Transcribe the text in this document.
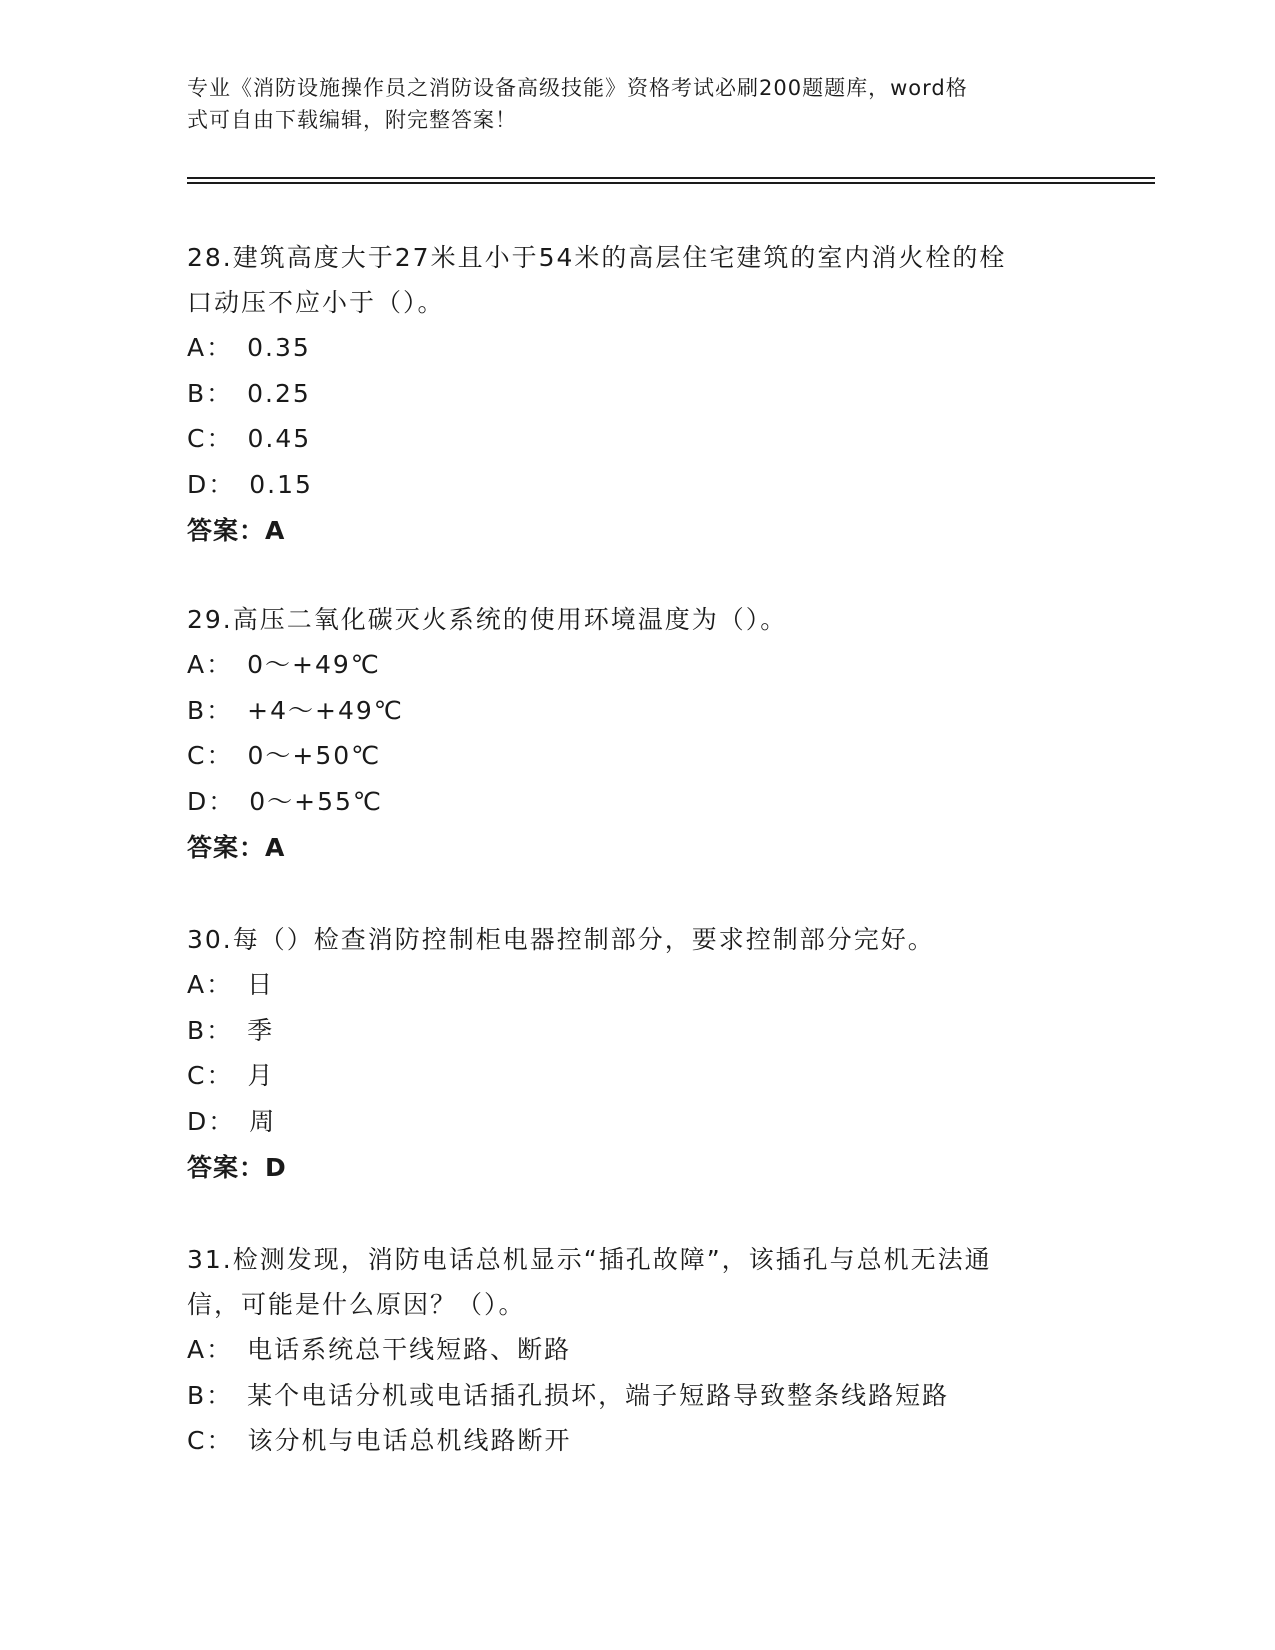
专业《消防设施操作员之消防设备高级技能》资格考试必刷200题题库，word格
式可自由下载编辑，附完整答案！
28.建筑高度大于27米且小于54米的高层住宅建筑的室内消火栓的栓
口动压不应小于（）。
A： 0.35
B： 0.25
C： 0.45
D： 0.15
答案：A
29.高压二氧化碳灭火系统的使用环境温度为（）。
A： 0～+49℃
B： +4～+49℃
C： 0～+50℃
D： 0～+55℃
答案：A
30.每（）检查消防控制柜电器控制部分，要求控制部分完好。
A： 日
B： 季
C： 月
D： 周
答案：D
31.检测发现，消防电话总机显示“插孔故障”，该插孔与总机无法通
信，可能是什么原因？（）。
A： 电话系统总干线短路、断路
B： 某个电话分机或电话插孔损坏，端子短路导致整条线路短路
C： 该分机与电话总机线路断开
